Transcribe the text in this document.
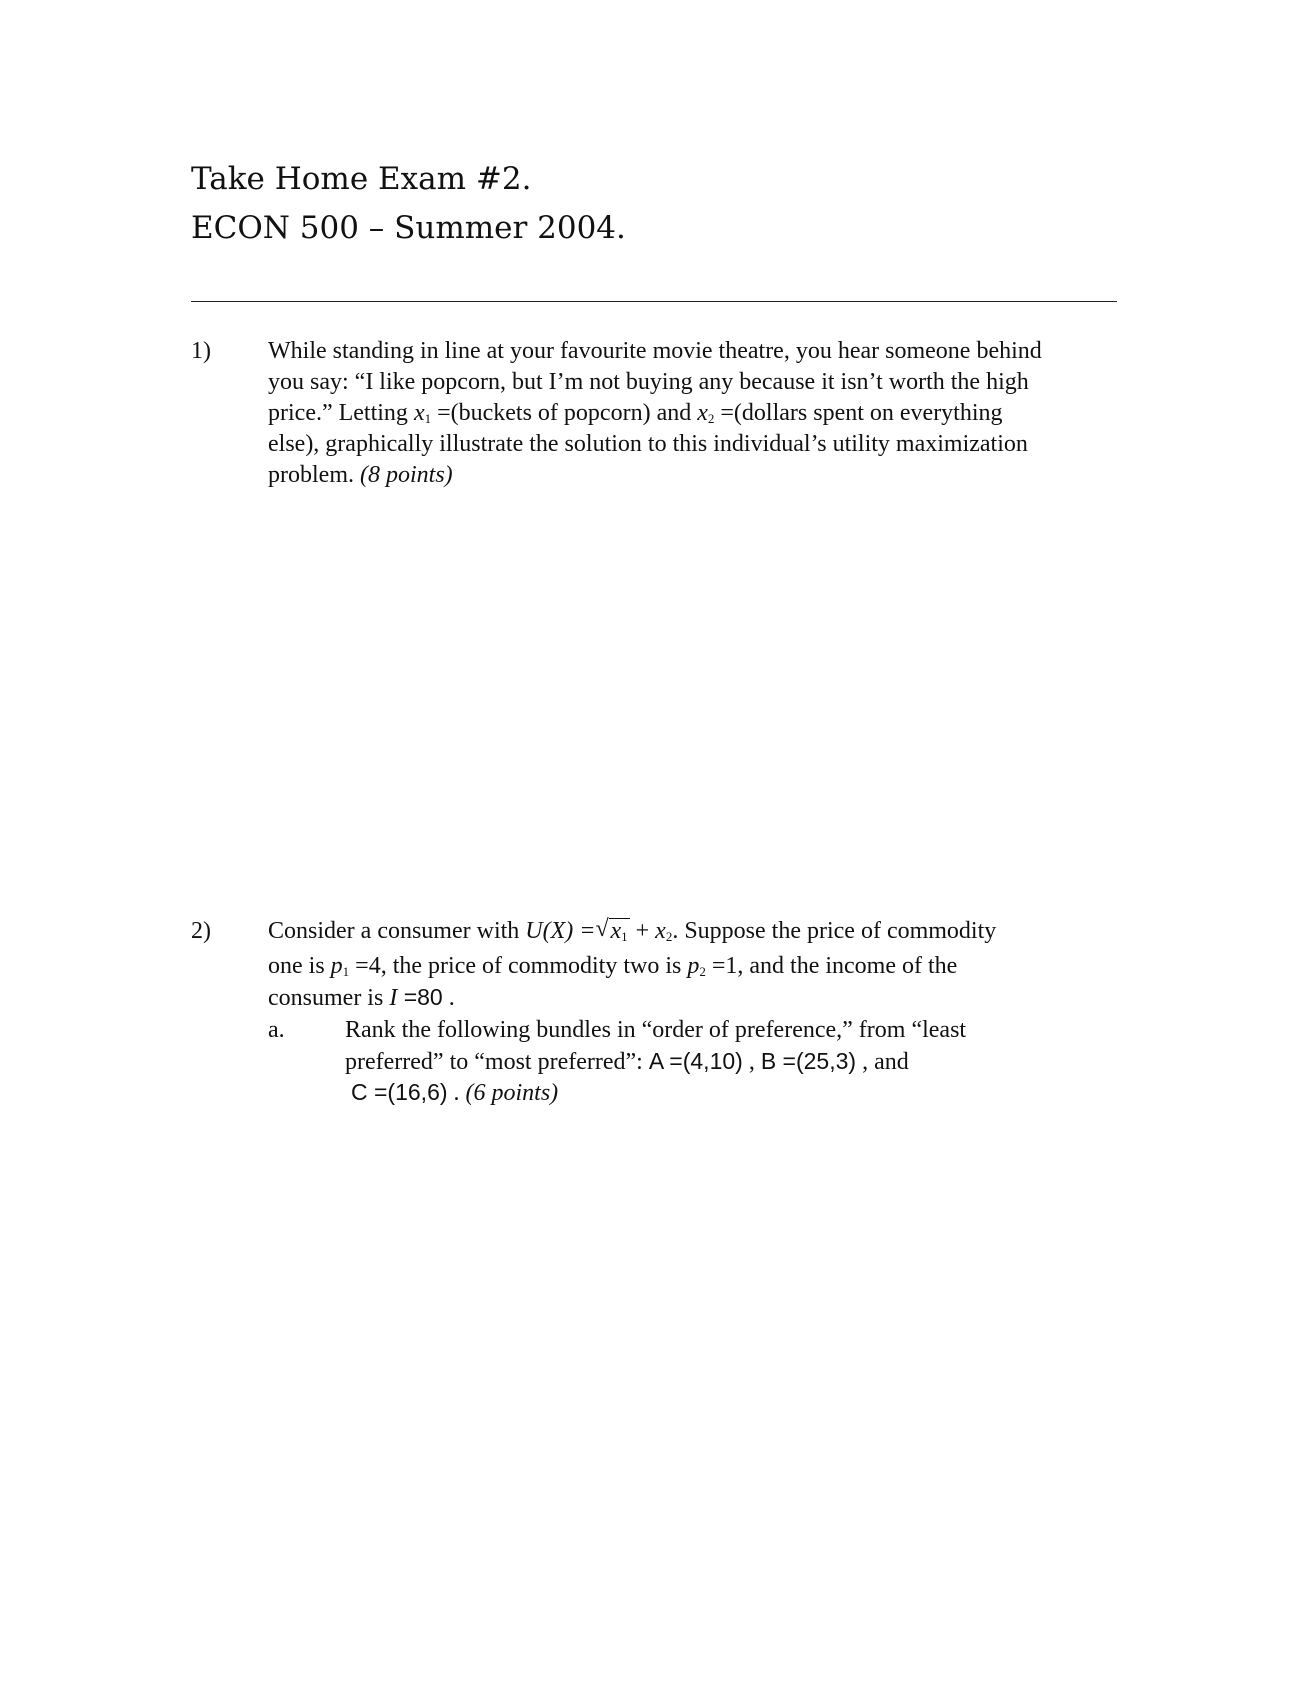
Take Home Exam #2.
ECON 500 – Summer 2004.
1) While standing in line at your favourite movie theatre, you hear someone behind
you say: “I like popcorn, but I’m not buying any because it isn’t worth the high
price.” Letting $x_1$ =(buckets of popcorn) and $x_2$ =(dollars spent on everything
else), graphically illustrate the solution to this individual’s utility maximization
problem. (8 points)
2) Consider a consumer with U(X) = √ $x_1 + x_2$. Suppose the price of commodity
one is $p_1 =4$, the price of commodity two is $p_2 =1$, and the income of the
consumer is I =80 .
a.	Rank the following bundles in “order of preference,” from “least
preferred” to “most preferred”: A =(4,10) , B =(25,3) , and
C =(16,6) . (6 points)
